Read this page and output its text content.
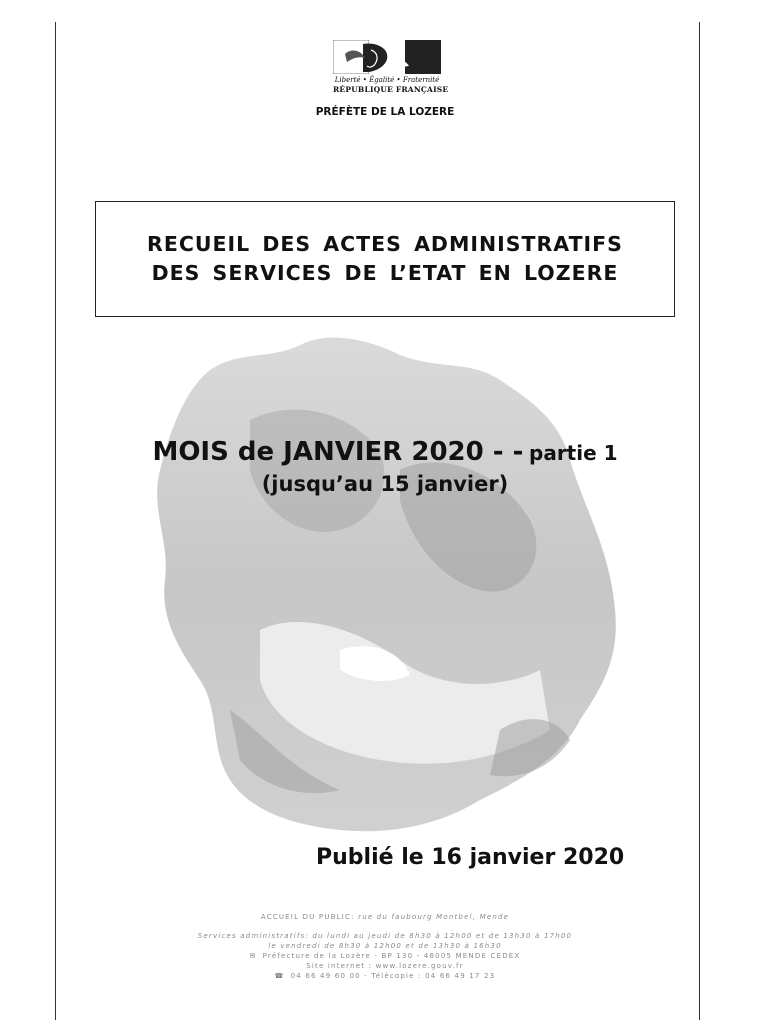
Liberté • Égalité • Fraternité
RÉPUBLIQUE FRANÇAISE
PRÉFÈTE DE LA LOZERE
RECUEIL DES ACTES ADMINISTRATIFS
DES SERVICES DE L’ETAT EN LOZERE
MOIS de JANVIER 2020 - - partie 1
(jusqu’au 15 janvier)
Publié le 16 janvier 2020
ACCUEIL DU PUBLIC: rue du faubourg Montbel, Mende
Services administratifs: du lundi au jeudi de 8h30 à 12h00 et de 13h30 à 17h00
le vendredi de 8h30 à 12h00 et de 13h30 à 16h30
✉ Préfecture de la Lozère - BP 130 - 48005 MENDE CEDEX
Site internet : www.lozere.gouv.fr
☎ 04 66 49 60 00 - Télécopie : 04 66 49 17 23
